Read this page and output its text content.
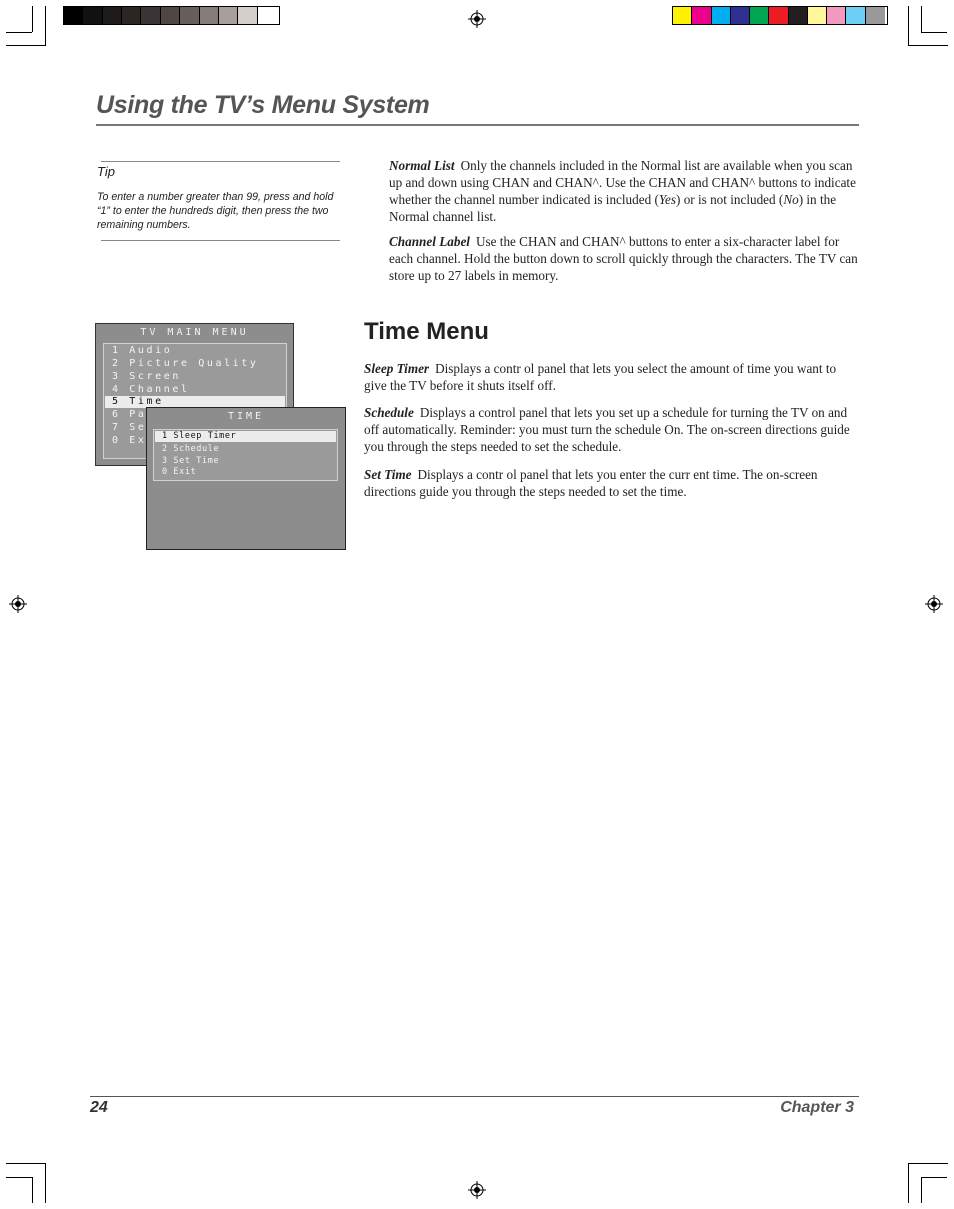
Using the TV’s Menu System
Tip
To enter a number greater than 99, press and hold “1” to enter the hundreds digit, then press the two remaining numbers.
Normal List Only the channels included in the Normal list are available when you scan up and down using CHAN and CHAN^. Use the CHAN and CHAN^ buttons to indicate whether the channel number indicated is included (Yes) or is not included (No) in the Normal channel list.
Channel Label Use the CHAN and CHAN^ buttons to enter a six-character label for each channel. Hold the button down to scroll quickly through the characters. The TV can store up to 27 labels in memory.
Time Menu
Sleep Timer Displays a contr ol panel that lets you select the amount of time you want to give the TV before it shuts itself off.
Schedule Displays a control panel that lets you set up a schedule for turning the TV on and off automatically. Reminder: you must turn the schedule On. The on-screen directions guide you through the steps needed to set the schedule.
Set Time Displays a contr ol panel that lets you enter the curr ent time. The on-screen directions guide you through the steps needed to set the time.
TV MAIN MENU
1 Audio
2 Picture Quality
3 Screen
4 Channel
5 Time
6 Pa
7 Se
0 Ex
TIME
1 Sleep Timer
2 Schedule
3 Set Time
0 Exit
24	Chapter 3
